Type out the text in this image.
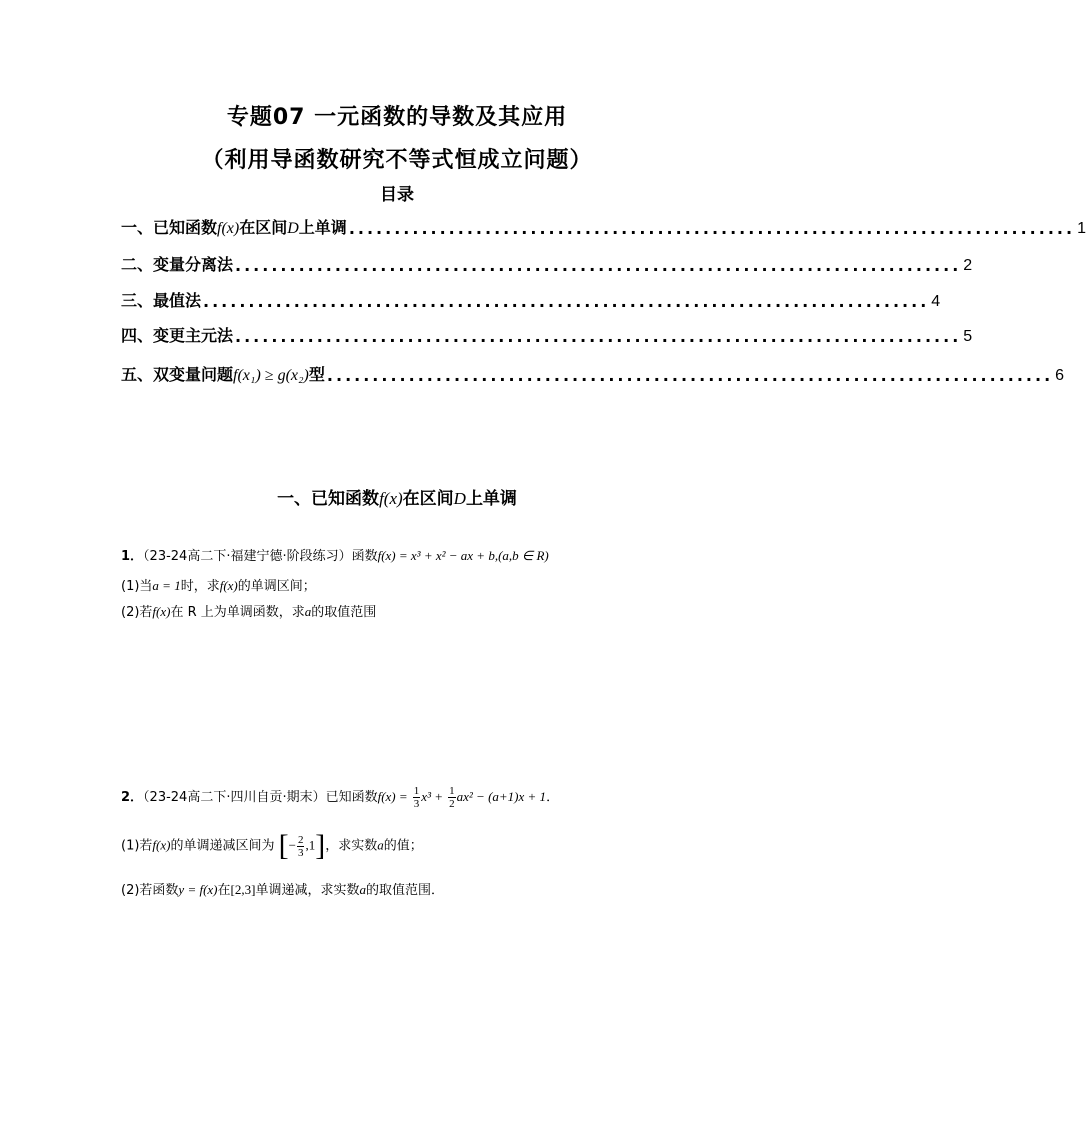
专题07 一元函数的导数及其应用
（利用导函数研究不等式恒成立问题）
目录
一、已知函数f(x)在区间D上单调 ................................................................................ 1
二、变量分离法 ................................................................................ 2
三、最值法 ................................................................................ 4
四、变更主元法 ................................................................................ 5
五、双变量问题f(x₁) ≥ g(x₂)型 ................................................................................ 6
一、已知函数f(x)在区间D上单调
1．（23-24高二下·福建宁德·阶段练习）函数f(x) = x³ + x² − ax + b,(a,b ∈ R)
(1)当a = 1时，求f(x)的单调区间；
(2)若f(x)在 R 上为单调函数，求a的取值范围
2．（23-24高二下·四川自贡·期末）已知函数$f(x) = \frac{1}{3} x^3 + \frac{1}{2} ax^2 - (a+1)x + 1$．
(1)若f(x)的单调递减区间为 [− $\frac{2}{3} ,1$]，求实数a的值；
(2)若函数y = f(x)在[2,3]单调递减，求实数a的取值范围．
